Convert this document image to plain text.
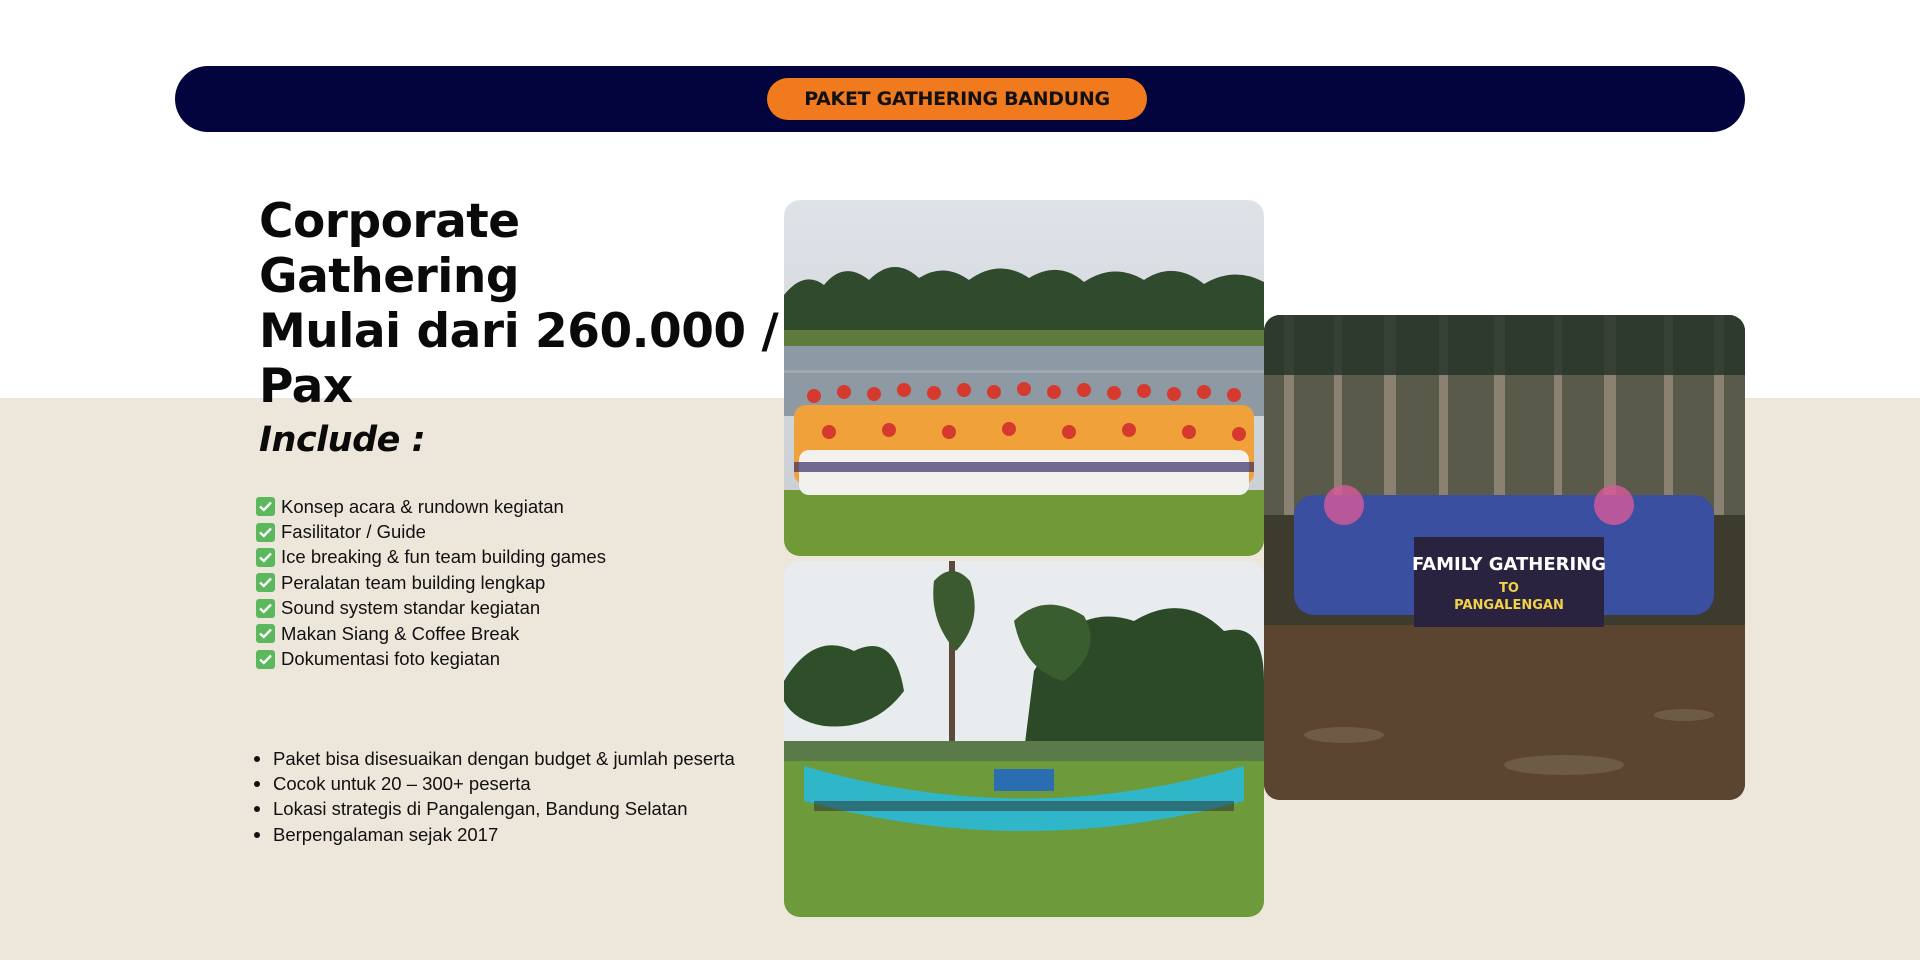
PAKET GATHERING BANDUNG
Corporate Gathering
Mulai dari 260.000 /
Pax
Include :
Konsep acara & rundown kegiatan
Fasilitator / Guide
Ice breaking & fun team building games
Peralatan team building lengkap
Sound system standar kegiatan
Makan Siang & Coffee Break
Dokumentasi foto kegiatan
Paket bisa disesuaikan dengan budget & jumlah peserta
Cocok untuk 20 – 300+ peserta
Lokasi strategis di Pangalengan, Bandung Selatan
Berpengalaman sejak 2017
FAMILY GATHERING
TO
PANGALENGAN
